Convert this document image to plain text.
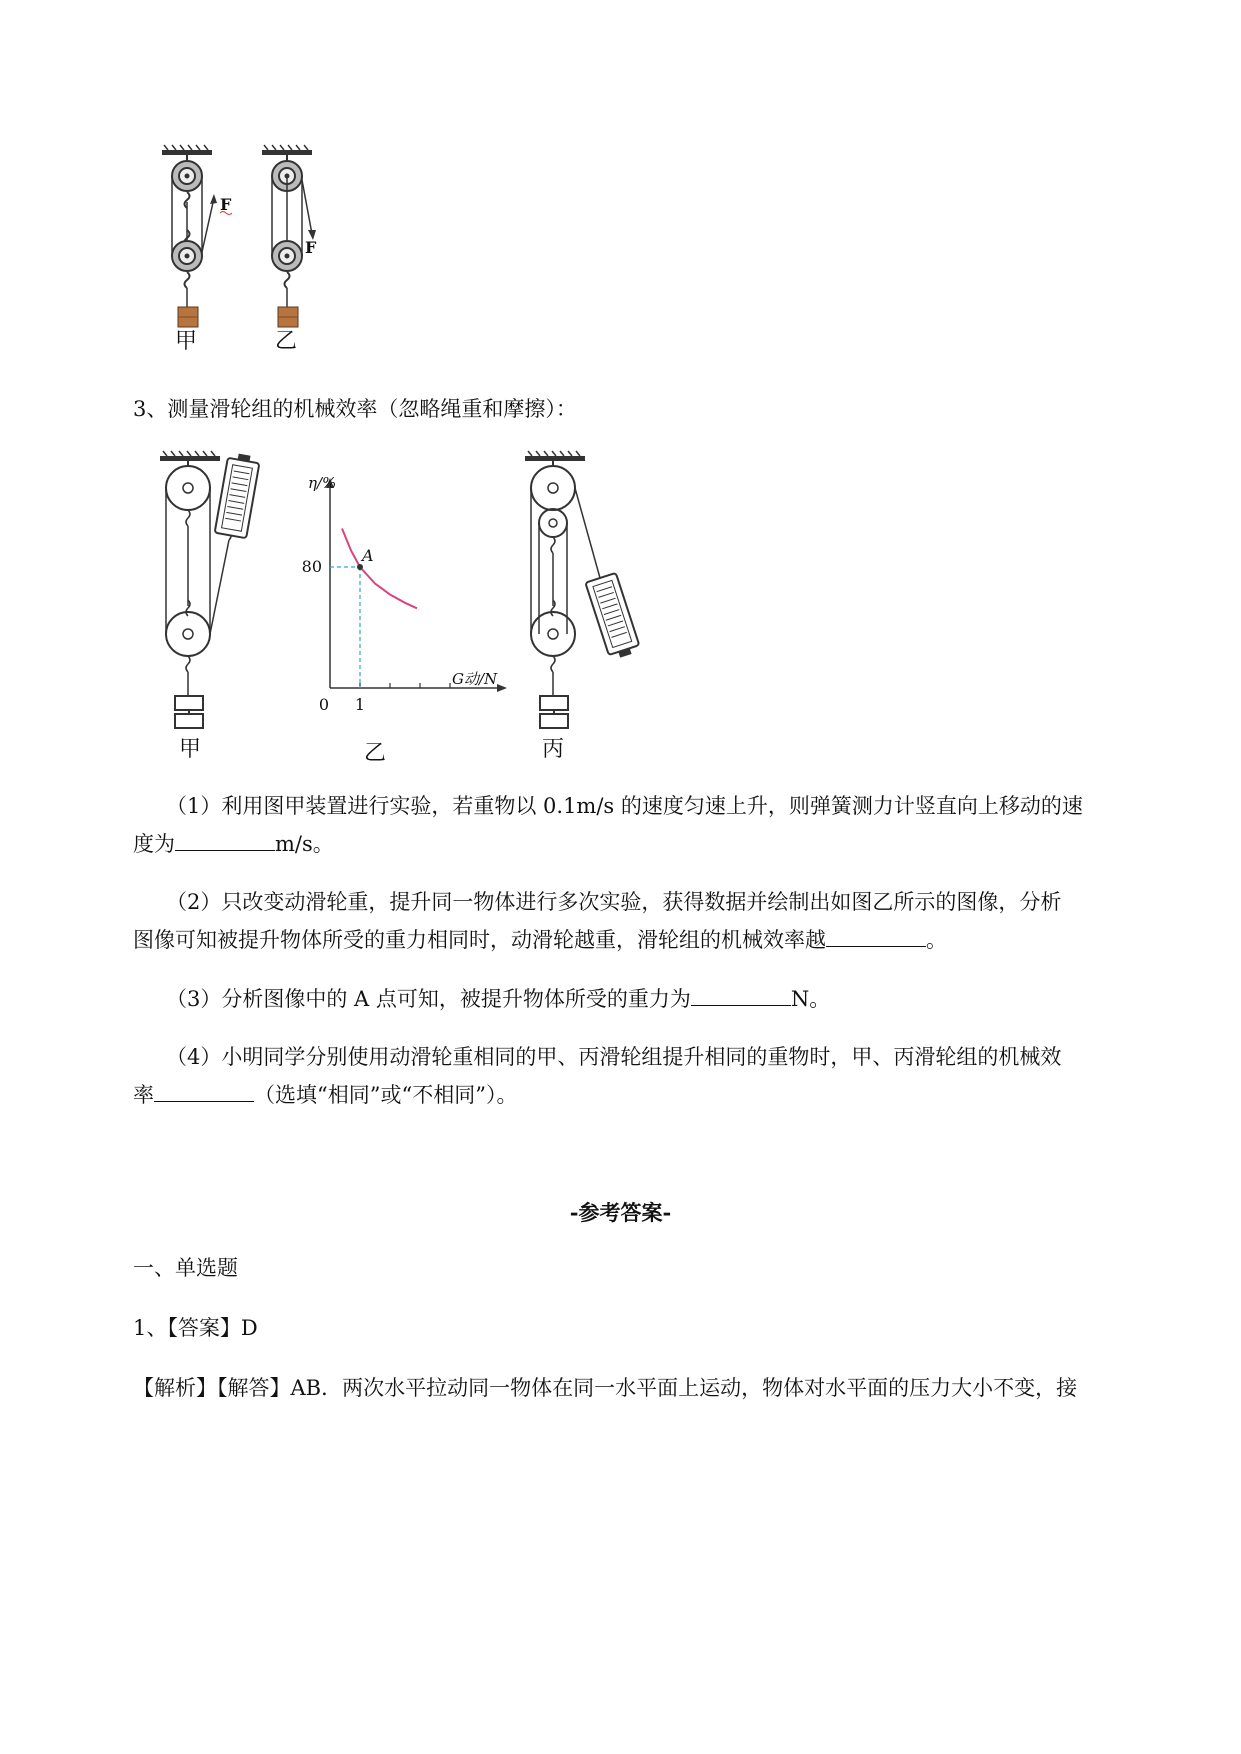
F
甲
F
乙
3、测量滑轮组的机械效率（忽略绳重和摩擦）：
甲
A
80
0 1
η/%
G动/N
乙	丙
（1）利用图甲装置进行实验，若重物以 0.1m/s 的速度匀速上升，则弹簧测力计竖直向上移动的速
度为	m/s。
（2）只改变动滑轮重，提升同一物体进行多次实验，获得数据并绘制出如图乙所示的图像，分析
图像可知被提升物体所受的重力相同时，动滑轮越重，滑轮组的机械效率越	。
（3）分析图像中的 A 点可知，被提升物体所受的重力为	N。
（4）小明同学分别使用动滑轮重相同的甲、丙滑轮组提升相同的重物时，甲、丙滑轮组的机械效
率	（选填“相同”或“不相同”）。
-参考答案-
一、单选题
1、【答案】D
【解析】【解答】AB．两次水平拉动同一物体在同一水平面上运动，物体对水平面的压力大小不变，接
